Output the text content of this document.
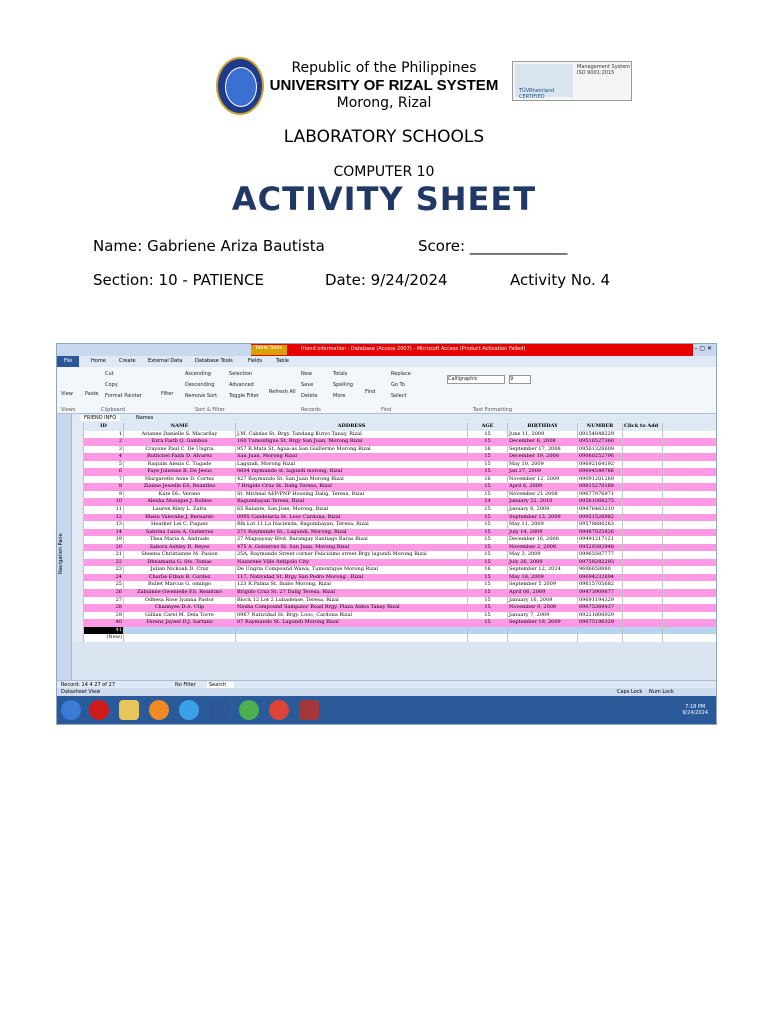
Republic of the Philippines
UNIVERSITY OF RIZAL SYSTEM
Morong, Rizal
TÜVRheinland CERTIFIED
Management System ISO 9001:2015
LABORATORY SCHOOLS
COMPUTER 10
ACTIVITY SHEET
Name: Gabriene Ariza Bautista	Score: _____________
Section: 10 - PATIENCE	Date: 9/24/2024	Activity No. 4
Table Tools	friend information : Database (Access 2007) - Microsoft Access (Product Activation Failed)	– ▢ ✕
File	Home	Create External Data	Database Tools	Fields	Table
View Paste
Cut
Copy
Format Painter	Filter
Ascending
Descending
Remove Sort
Selection
Advanced
Toggle Filter
Refresh All
New
Save
Delete
Totals
Spelling
More
Find
Replace
Go To
Select
Calligraphic	9
Views	Clipboard	Sort & Filter	Records	Find	Text Formatting
Navigation Pane
FRIEND INFO	Names
ID	NAME	ADDRESS	AGE	BIRTHDAY	NUMBER	Click to Add
1	Arianne Danielle S. Macarilay	J.M. Cabdas St. Brgy. Tandang Kutyo Tanay, Rizal	15	June 11, 2009	09154848229
2	Ezra Faith Q. Gamboa	160 Tumontigue St. Brgy San Juan, Morong Rizal	15	December 6, 2008	09516527360
3	Crayone Paul C. De Ungria	957 R.Mata St. Agua-as San Guillermo Morong Rizal	16	September 17, 2008	09561326609
4	Ruthchel Faith D. Alvarez	San Juan, Morong Rizal	15	December 19, 2008	09060252796
5	Raquim Alexis C. Tugade	Lagundi, Morong Rizal	15	May 10, 2009	09692164192
6	Faye Julienne B. De Jesus	0604 raymundo st. lagundi morong, Rizal	15	Jan 27, 2009	09694549766
7	Margarette Anne D. Cortez	427 Raymundo St. San Juan Morong Rizal	16	November 12, 2009	09091201269
8	Zianne Jewelle ES. Reantino	7 Brigido Cruz St. Dalig Teresa, Rizal	15	April 6, 2009	09815270188
9	Kate DL. Verano	St. Micheal AFP/PNP Housing Dalig, Teresa, Rizal	15	November 21 2008	09677976971
10	Alexha Monique J. Robles	Bagumbayan Teresa, Rizal	14	January 22, 2010	09561066275
11	Lauren Riley L. Zafra	65 Balante, San Jose, Morong, Rizal	15	January 6, 2009	09476463210
12	Rhein Valerahe J. Bernardo	0995 Candelaria St. Looc Cardona, Rizal	15	September 13, 2009	09951526982
13	Heather Lei C. Paquez	Blk Lot 11 La Hacienda, Bagumbayan, Teresa, Rizal	15	May 11, 2009	09578880263
14	Sabrina Luisa A. Gutierrez	271 Raymundo St., Lagundi, Morong, Rizal	15	July 14, 2009	09487025826
19	Thea Maria A. Andrade	27 Magsaysay Blvd. Barangay Santiago Baras Rizal	15	December 16, 2008	09491217121
20	Sabora Ashley D. Reyes	475 A. Gutierrez St. San Juan, Morong Rizal	15	November 2, 2008	09520382948
21	Sheena Christianne M. Pasion	25A, Raymundo Street corner Felicisimo street Brgy lagundi Morong Rizal	15	May 3, 2009	09965587777
22	Dhnamaria G. Sto. Tomas	Nazarene Ville Antipolo City	15	July 26, 2009	09758282293
23	Julian Nickoah D. Cruz	De Ungria Compound Wawa, Tumontigue Morong Rizal	16	September 12, 2024	9606658880
24	Charlie Ethan B. Cordez	117, Natividad St. Brgy San Pedro Morong , Rizal	15	May 18, 2009	09694232694
25	Bullet Marcus G. omingo	123 R.Palma St. Ibabo Morong, Rizal	15	September 5 2009	09615705682
26	Zabianne Gwenielle ES. Reantino	Brigido Cruz St. 27 Dalig Teresa, Rizal	15	April 06, 2009	09473909677
27	Odhesa Rose Iyanna Pastor	Block 12 Lot 2 Lubadense, Teresa, Rizal	15	January 16, 2009	09691194329
28	Chaimyee D.A. Ulip	Nexha Compound Sampaloc Road Brgy. Plaza Aldea Tanay Rizal	15	November 9, 2008	09675369437
29	Gillian Carel M. Dela Torre	0967 Natividad St. Brgy. Looc, Cardona Rizal	15	January 7, 2009	09221800029
40	Ferenz Jaynel D.J. Sartano	07 Raymundo St. Lagundi Morong Rizal	15	September 19, 2009	09675196329
41
(New)
Record: 14 4 27 of 27	No Filter	Search
Datasheet View	Caps Lock Num Lock
7:18 PM
9/24/2024
